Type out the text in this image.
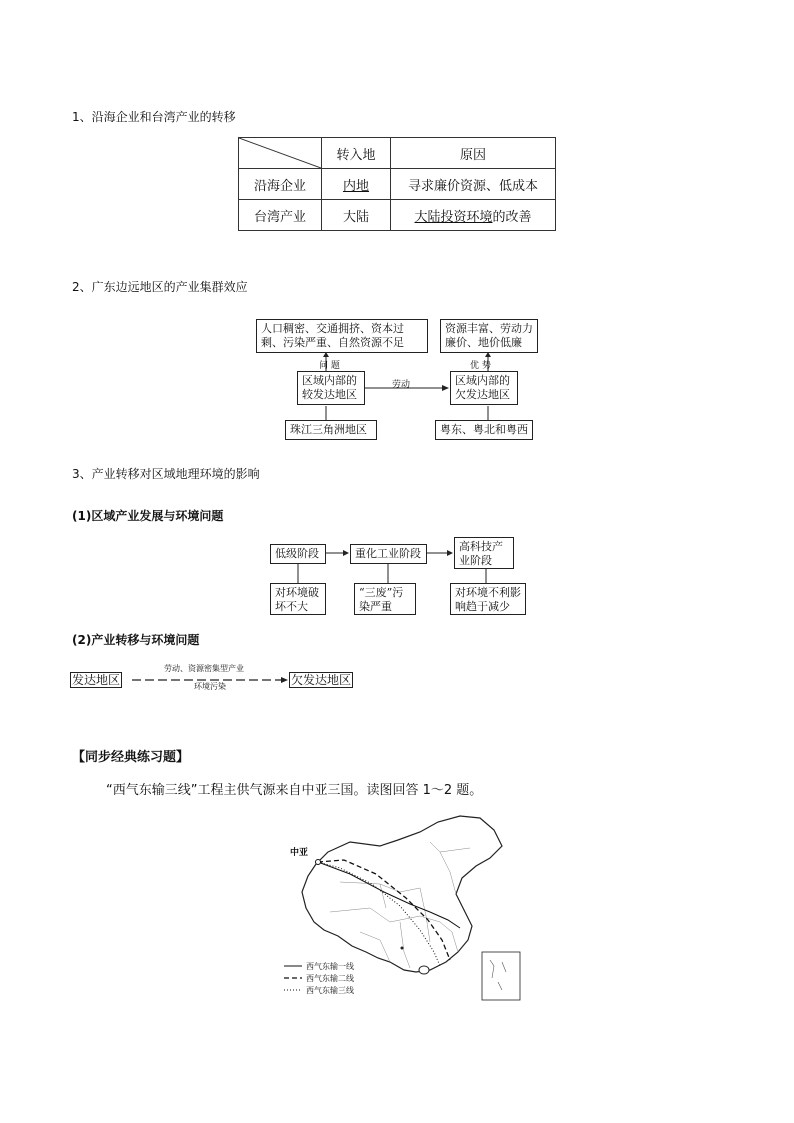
1、沿海企业和台湾产业的转移
	转入地	原因
沿海企业	内地	寻求廉价资源、低成本
台湾产业	大陆	大陆投资环境的改善
2、广东边远地区的产业集群效应
人口稠密、交通拥挤、资本过剩、污染严重、自然资源不足
资源丰富、劳动力廉价、地价低廉
问 题	优 势
区域内部的较发达地区
劳动	区域内部的欠发达地区
珠江三角洲地区	粤东、粤北和粤西
3、产业转移对区域地理环境的影响
(1)区域产业发展与环境问题
低级阶段	重化工业阶段
高科技产业阶段
对环境破坏不大
“三废”污染严重
对环境不利影响趋于减少
(2)产业转移与环境问题
发达地区
劳动、资源密集型产业
环境污染	欠发达地区
【同步经典练习题】
“西气东输三线”工程主供气源来自中亚三国。读图回答 1～2 题。
中亚
西气东输一线
西气东输二线
西气东输三线
